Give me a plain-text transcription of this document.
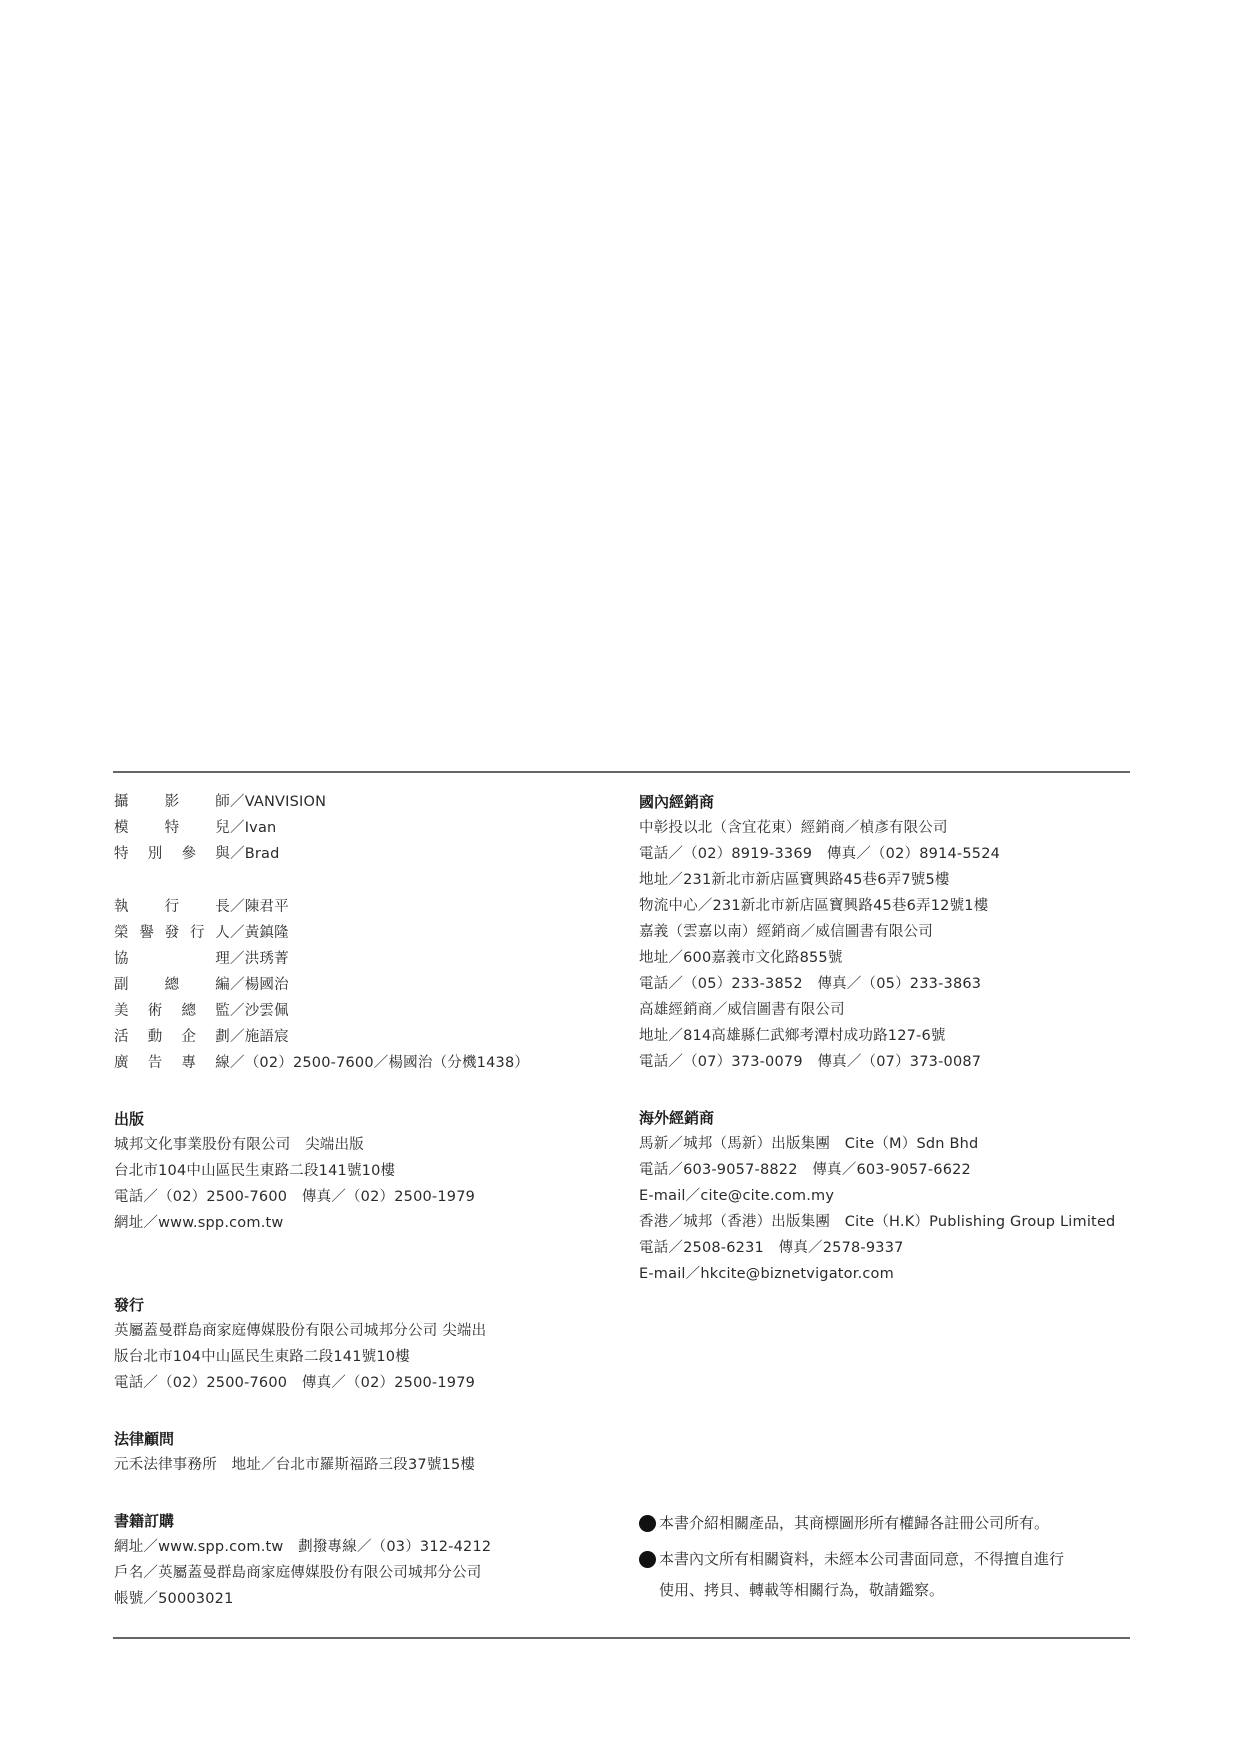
攝影師 ／VANVISION
模特兒 ／Ivan
特別參與 ／Brad
執行長 ／陳君平
榮譽發行人 ／黃鎮隆
協理 ／洪琇菁
副總編 ／楊國治
美術總監 ／沙雲佩
活動企劃 ／施語宸
廣告專線 ／（02）2500-7600／楊國治（分機1438）
出版
城邦文化事業股份有限公司　尖端出版
台北市104中山區民生東路二段141號10樓
電話／（02）2500-7600　傳真／（02）2500-1979
網址／www.spp.com.tw
發行
英屬蓋曼群島商家庭傳媒股份有限公司城邦分公司 尖端出
版台北市104中山區民生東路二段141號10樓
電話／（02）2500-7600　傳真／（02）2500-1979
法律顧問
元禾法律事務所　地址／台北市羅斯福路三段37號15樓
書籍訂購
網址／www.spp.com.tw　劃撥專線／（03）312-4212
戶名／英屬蓋曼群島商家庭傳媒股份有限公司城邦分公司
帳號／50003021
國內經銷商
中彰投以北（含宜花東）經銷商／楨彥有限公司
電話／（02）8919-3369　傳真／（02）8914-5524
地址／231新北市新店區寶興路45巷6弄7號5樓
物流中心／231新北市新店區寶興路45巷6弄12號1樓
嘉義（雲嘉以南）經銷商／威信圖書有限公司
地址／600嘉義市文化路855號
電話／（05）233-3852　傳真／（05）233-3863
高雄經銷商／威信圖書有限公司
地址／814高雄縣仁武鄉考潭村成功路127-6號
電話／（07）373-0079　傳真／（07）373-0087
海外經銷商
馬新／城邦（馬新）出版集團　Cite（M）Sdn Bhd
電話／603-9057-8822　傳真／603-9057-6622
E-mail／cite@cite.com.my
香港／城邦（香港）出版集團　Cite（H.K）Publishing Group Limited
電話／2508-6231　傳真／2578-9337
E-mail／hkcite@biznetvigator.com
本書介紹相關產品，其商標圖形所有權歸各註冊公司所有。
本書內文所有相關資料，未經本公司書面同意，不得擅自進行
使用、拷貝、轉載等相關行為，敬請鑑察。
